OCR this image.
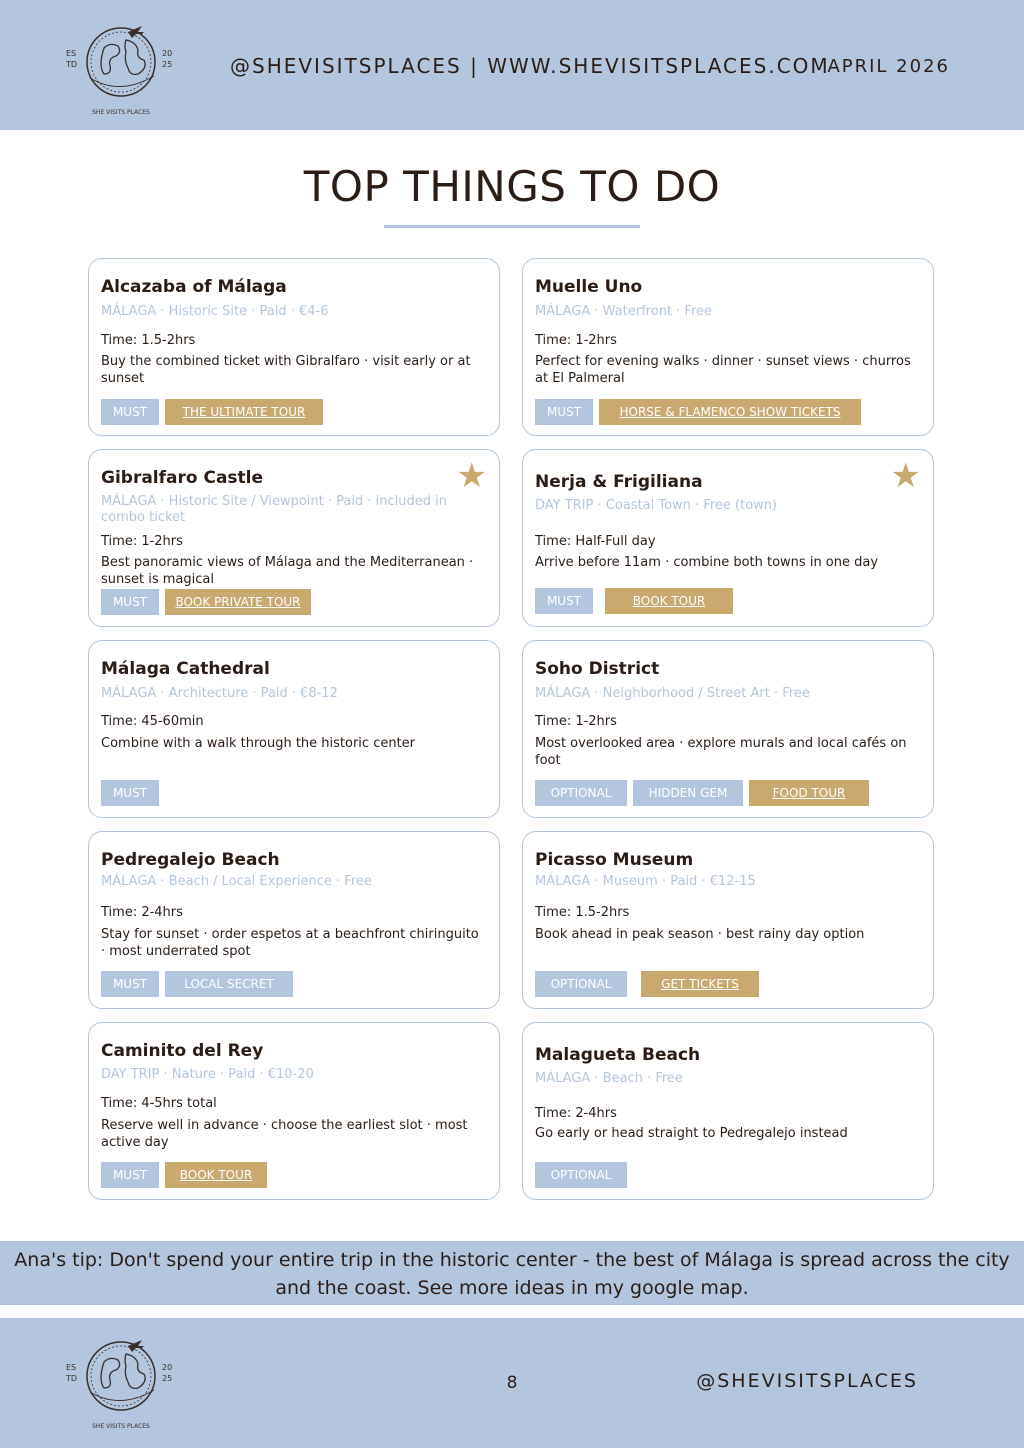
ES
TD
20
25
SHE VISITS PLACES
@SHEVISITSPLACES | WWW.SHEVISITSPLACES.COM
APRIL 2026
TOP THINGS TO DO
Alcazaba of Málaga
MÁLAGA · Historic Site · Paid · €4-6
Time: 1.5-2hrs
Buy the combined ticket with Gibralfaro · visit early or at sunset
MUST	THE ULTIMATE TOUR
Muelle Uno
MÁLAGA · Waterfront · Free
Time: 1-2hrs
Perfect for evening walks · dinner · sunset views · churros at El Palmeral
MUST	HORSE & FLAMENCO SHOW TICKETS
★
Gibralfaro Castle
MÁLAGA · Historic Site / Viewpoint · Paid · included in combo ticket
Time: 1-2hrs
Best panoramic views of Málaga and the Mediterranean · sunset is magical
MUST	BOOK PRIVATE TOUR
★
Nerja & Frigiliana
DAY TRIP · Coastal Town · Free (town)
Time: Half-Full day
Arrive before 11am · combine both towns in one day
MUST	BOOK TOUR
Málaga Cathedral
MÁLAGA · Architecture · Paid · €8-12
Time: 45-60min
Combine with a walk through the historic center
MUST
Soho District
MÁLAGA · Neighborhood / Street Art · Free
Time: 1-2hrs
Most overlooked area · explore murals and local cafés on foot
OPTIONAL	HIDDEN GEM	FOOD TOUR
Pedregalejo Beach
MÁLAGA · Beach / Local Experience · Free
Time: 2-4hrs
Stay for sunset · order espetos at a beachfront chiringuito · most underrated spot
MUST	LOCAL SECRET
Picasso Museum
MÁLAGA · Museum · Paid · €12-15
Time: 1.5-2hrs
Book ahead in peak season · best rainy day option
OPTIONAL	GET TICKETS
Caminito del Rey
DAY TRIP · Nature · Paid · €10-20
Time: 4-5hrs total
Reserve well in advance · choose the earliest slot · most active day
MUST	BOOK TOUR
Malagueta Beach
MÁLAGA · Beach · Free
Time: 2-4hrs
Go early or head straight to Pedregalejo instead
OPTIONAL
Ana's tip: Don't spend your entire trip in the historic center - the best of Málaga is spread across the city and the coast. See more ideas in my google map.
ES
TD
20
25
SHE VISITS PLACES
8	@SHEVISITSPLACES
